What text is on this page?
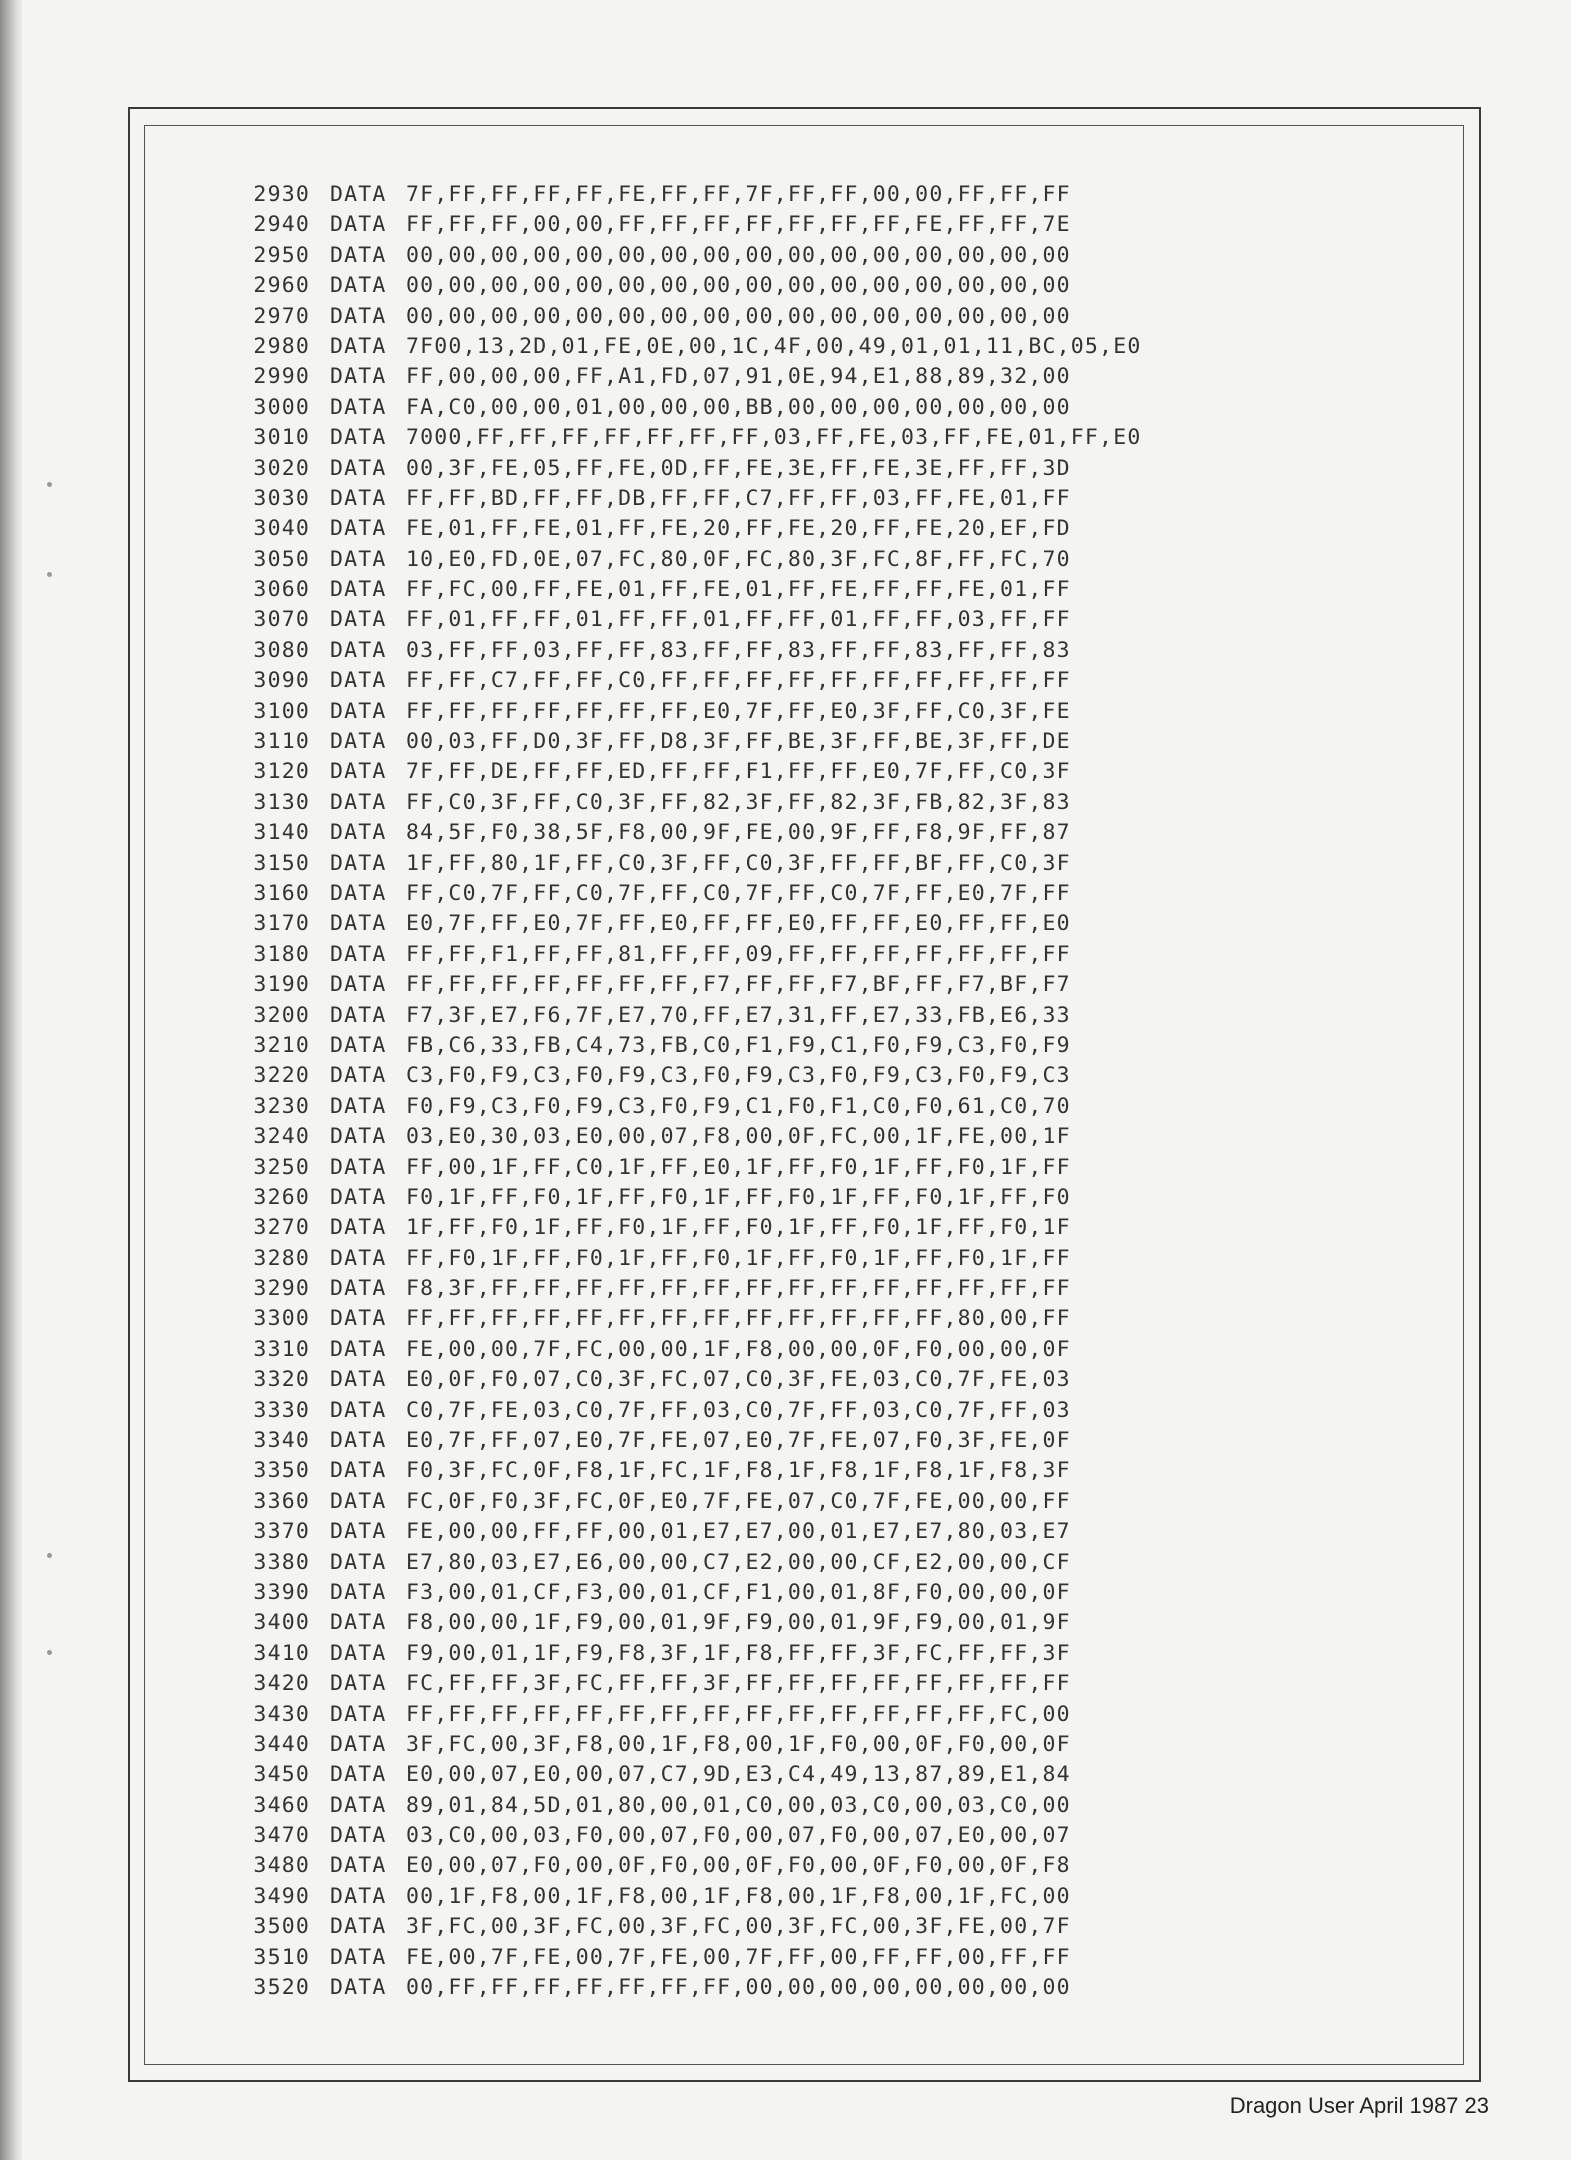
2930 DATA 7F,FF,FF,FF,FF,FE,FF,FF,7F,FF,FF,00,00,FF,FF,FF
2940 DATA FF,FF,FF,00,00,FF,FF,FF,FF,FF,FF,FF,FE,FF,FF,7E
2950 DATA 00,00,00,00,00,00,00,00,00,00,00,00,00,00,00,00
2960 DATA 00,00,00,00,00,00,00,00,00,00,00,00,00,00,00,00
2970 DATA 00,00,00,00,00,00,00,00,00,00,00,00,00,00,00,00
2980 DATA 7F00,13,2D,01,FE,0E,00,1C,4F,00,49,01,01,11,BC,05,E0
2990 DATA FF,00,00,00,FF,A1,FD,07,91,0E,94,E1,88,89,32,00
3000 DATA FA,C0,00,00,01,00,00,00,BB,00,00,00,00,00,00,00
3010 DATA 7000,FF,FF,FF,FF,FF,FF,FF,03,FF,FE,03,FF,FE,01,FF,E0
3020 DATA 00,3F,FE,05,FF,FE,0D,FF,FE,3E,FF,FE,3E,FF,FF,3D
3030 DATA FF,FF,BD,FF,FF,DB,FF,FF,C7,FF,FF,03,FF,FE,01,FF
3040 DATA FE,01,FF,FE,01,FF,FE,20,FF,FE,20,FF,FE,20,EF,FD
3050 DATA 10,E0,FD,0E,07,FC,80,0F,FC,80,3F,FC,8F,FF,FC,70
3060 DATA FF,FC,00,FF,FE,01,FF,FE,01,FF,FE,FF,FF,FE,01,FF
3070 DATA FF,01,FF,FF,01,FF,FF,01,FF,FF,01,FF,FF,03,FF,FF
3080 DATA 03,FF,FF,03,FF,FF,83,FF,FF,83,FF,FF,83,FF,FF,83
3090 DATA FF,FF,C7,FF,FF,C0,FF,FF,FF,FF,FF,FF,FF,FF,FF,FF
3100 DATA FF,FF,FF,FF,FF,FF,FF,E0,7F,FF,E0,3F,FF,C0,3F,FE
3110 DATA 00,03,FF,D0,3F,FF,D8,3F,FF,BE,3F,FF,BE,3F,FF,DE
3120 DATA 7F,FF,DE,FF,FF,ED,FF,FF,F1,FF,FF,E0,7F,FF,C0,3F
3130 DATA FF,C0,3F,FF,C0,3F,FF,82,3F,FF,82,3F,FB,82,3F,83
3140 DATA 84,5F,F0,38,5F,F8,00,9F,FE,00,9F,FF,F8,9F,FF,87
3150 DATA 1F,FF,80,1F,FF,C0,3F,FF,C0,3F,FF,FF,BF,FF,C0,3F
3160 DATA FF,C0,7F,FF,C0,7F,FF,C0,7F,FF,C0,7F,FF,E0,7F,FF
3170 DATA E0,7F,FF,E0,7F,FF,E0,FF,FF,E0,FF,FF,E0,FF,FF,E0
3180 DATA FF,FF,F1,FF,FF,81,FF,FF,09,FF,FF,FF,FF,FF,FF,FF
3190 DATA FF,FF,FF,FF,FF,FF,FF,F7,FF,FF,F7,BF,FF,F7,BF,F7
3200 DATA F7,3F,E7,F6,7F,E7,70,FF,E7,31,FF,E7,33,FB,E6,33
3210 DATA FB,C6,33,FB,C4,73,FB,C0,F1,F9,C1,F0,F9,C3,F0,F9
3220 DATA C3,F0,F9,C3,F0,F9,C3,F0,F9,C3,F0,F9,C3,F0,F9,C3
3230 DATA F0,F9,C3,F0,F9,C3,F0,F9,C1,F0,F1,C0,F0,61,C0,70
3240 DATA 03,E0,30,03,E0,00,07,F8,00,0F,FC,00,1F,FE,00,1F
3250 DATA FF,00,1F,FF,C0,1F,FF,E0,1F,FF,F0,1F,FF,F0,1F,FF
3260 DATA F0,1F,FF,F0,1F,FF,F0,1F,FF,F0,1F,FF,F0,1F,FF,F0
3270 DATA 1F,FF,F0,1F,FF,F0,1F,FF,F0,1F,FF,F0,1F,FF,F0,1F
3280 DATA FF,F0,1F,FF,F0,1F,FF,F0,1F,FF,F0,1F,FF,F0,1F,FF
3290 DATA F8,3F,FF,FF,FF,FF,FF,FF,FF,FF,FF,FF,FF,FF,FF,FF
3300 DATA FF,FF,FF,FF,FF,FF,FF,FF,FF,FF,FF,FF,FF,80,00,FF
3310 DATA FE,00,00,7F,FC,00,00,1F,F8,00,00,0F,F0,00,00,0F
3320 DATA E0,0F,F0,07,C0,3F,FC,07,C0,3F,FE,03,C0,7F,FE,03
3330 DATA C0,7F,FE,03,C0,7F,FF,03,C0,7F,FF,03,C0,7F,FF,03
3340 DATA E0,7F,FF,07,E0,7F,FE,07,E0,7F,FE,07,F0,3F,FE,0F
3350 DATA F0,3F,FC,0F,F8,1F,FC,1F,F8,1F,F8,1F,F8,1F,F8,3F
3360 DATA FC,0F,F0,3F,FC,0F,E0,7F,FE,07,C0,7F,FE,00,00,FF
3370 DATA FE,00,00,FF,FF,00,01,E7,E7,00,01,E7,E7,80,03,E7
3380 DATA E7,80,03,E7,E6,00,00,C7,E2,00,00,CF,E2,00,00,CF
3390 DATA F3,00,01,CF,F3,00,01,CF,F1,00,01,8F,F0,00,00,0F
3400 DATA F8,00,00,1F,F9,00,01,9F,F9,00,01,9F,F9,00,01,9F
3410 DATA F9,00,01,1F,F9,F8,3F,1F,F8,FF,FF,3F,FC,FF,FF,3F
3420 DATA FC,FF,FF,3F,FC,FF,FF,3F,FF,FF,FF,FF,FF,FF,FF,FF
3430 DATA FF,FF,FF,FF,FF,FF,FF,FF,FF,FF,FF,FF,FF,FF,FC,00
3440 DATA 3F,FC,00,3F,F8,00,1F,F8,00,1F,F0,00,0F,F0,00,0F
3450 DATA E0,00,07,E0,00,07,C7,9D,E3,C4,49,13,87,89,E1,84
3460 DATA 89,01,84,5D,01,80,00,01,C0,00,03,C0,00,03,C0,00
3470 DATA 03,C0,00,03,F0,00,07,F0,00,07,F0,00,07,E0,00,07
3480 DATA E0,00,07,F0,00,0F,F0,00,0F,F0,00,0F,F0,00,0F,F8
3490 DATA 00,1F,F8,00,1F,F8,00,1F,F8,00,1F,F8,00,1F,FC,00
3500 DATA 3F,FC,00,3F,FC,00,3F,FC,00,3F,FC,00,3F,FE,00,7F
3510 DATA FE,00,7F,FE,00,7F,FE,00,7F,FF,00,FF,FF,00,FF,FF
3520 DATA 00,FF,FF,FF,FF,FF,FF,FF,00,00,00,00,00,00,00,00
Dragon User April 1987 23
